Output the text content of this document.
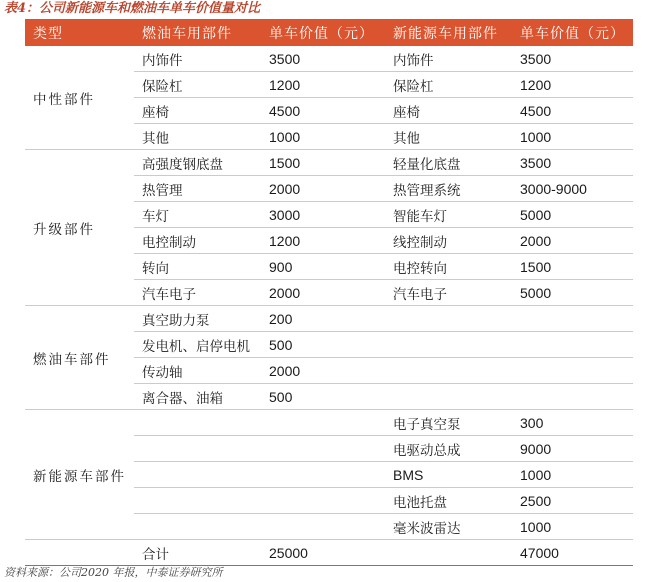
表4：公司新能源车和燃油车单车价值量对比
类型	燃油车用部件	单车价值（元）	新能源车用部件	单车价值（元）
中性部件	内饰件	3500	内饰件	3500
	保险杠	1200	保险杠	1200
	座椅	4500	座椅	4500
	其他	1000	其他	1000
升级部件	高强度钢底盘	1500	轻量化底盘	3500
	热管理	2000	热管理系统	3000-9000
	车灯	3000	智能车灯	5000
	电控制动	1200	线控制动	2000
	转向	900	电控转向	1500
	汽车电子	2000	汽车电子	5000
燃油车部件	真空助力泵	200		
	发电机、启停电机	500		
	传动轴	2000		
	离合器、油箱	500		
新能源车部件			电子真空泵	300
			电驱动总成	9000
			BMS	1000
			电池托盘	2500
			毫米波雷达	1000
	合计	25000		47000
资料来源：公司2020 年报，中泰证券研究所
